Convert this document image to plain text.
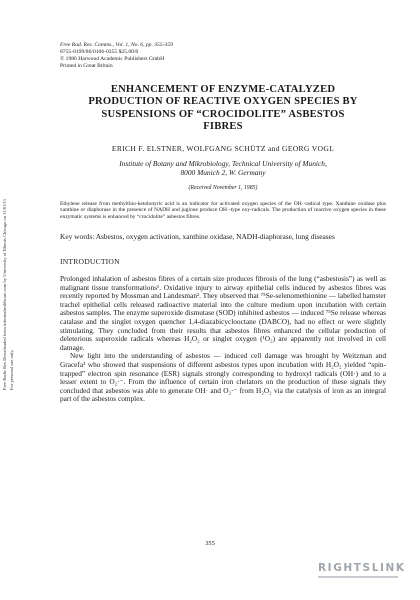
Free Radic Res Downloaded from informahealthcare.com by University of Illinois Chicago on 11/01/11 For personal use only.
Free Rad. Res. Comms., Vol. 1, No. 6, pp. 355-359
8755-0199/86/0106-0355 $25.00/0
© 1986 Harwood Academic Publishers GmbH
Printed in Great Britain
ENHANCEMENT OF ENZYME-CATALYZED
PRODUCTION OF REACTIVE OXYGEN SPECIES BY
SUSPENSIONS OF “CROCIDOLITE” ASBESTOS
FIBRES
ERICH F. ELSTNER, WOLFGANG SCHÜTZ and GEORG VOGL
Institute of Botany and Mikrobiology, Technical University of Munich,
8000 Munich 2, W. Germany
(Received November 1, 1985)
Ethylene release from methylthio-ketobutyric acid is an indicator for activated oxygen species of the OH·-radical type. Xanthine oxidase plus xanthine or diaphorase in the presence of NADH and juglone produce OH·-type oxy-radicals. The production of reactive oxygen species in these enzymatic systems is enhanced by “crocidolite” asbestos fibres.
Key words: Asbestos, oxygen activation, xanthine oxidase, NADH-diaphorase, lung diseases
INTRODUCTION

Prolonged inhalation of asbestos fibres of a certain size produces fibrosis of the lung (“asbestosis”) as well as malignant tissue transformations¹. Oxidative injury to airway epithelial cells induced by asbestos fibres was recently reported by Mossman and Landesman². They observed that ⁷⁵Se-selenomethionine — labelled hamster trachel epithelial cells released radioactive material into the culture medium upon incubation with certain asbestos samples. The enzyme superoxide dismutase (SOD) inhibited asbestos — induced ⁷⁵Se release whereas catalase and the singlet oxygen quencher 1,4-diazabicyclooctane (DABCO), had no effect or were slightly stimulating. They concluded from their results that asbestos fibres enhanced the cellular production of deleterious superoxide radicals whereas H₂O₂ or singlet oxygen (¹O₂) are apparently not involved in cell damage.

New light into the understanding of asbestos — induced cell damage was brought by Weitzman and Gracefa³ who showed that suspensions of different asbestos types upon incubation with H₂O₂ yielded “spin-trapped” electron spin resonance (ESR) signals strongly corresponding to hydroxyl radicals (OH·) and to a lesser extent to O₂·⁻. From the influence of certain iron chelators on the production of these signals they concluded that asbestos was able to generate OH· and O₂·⁻ from H₂O₂ via the catalysis of iron as an integral part of the asbestos complex.

355
RIGHTSLINK
